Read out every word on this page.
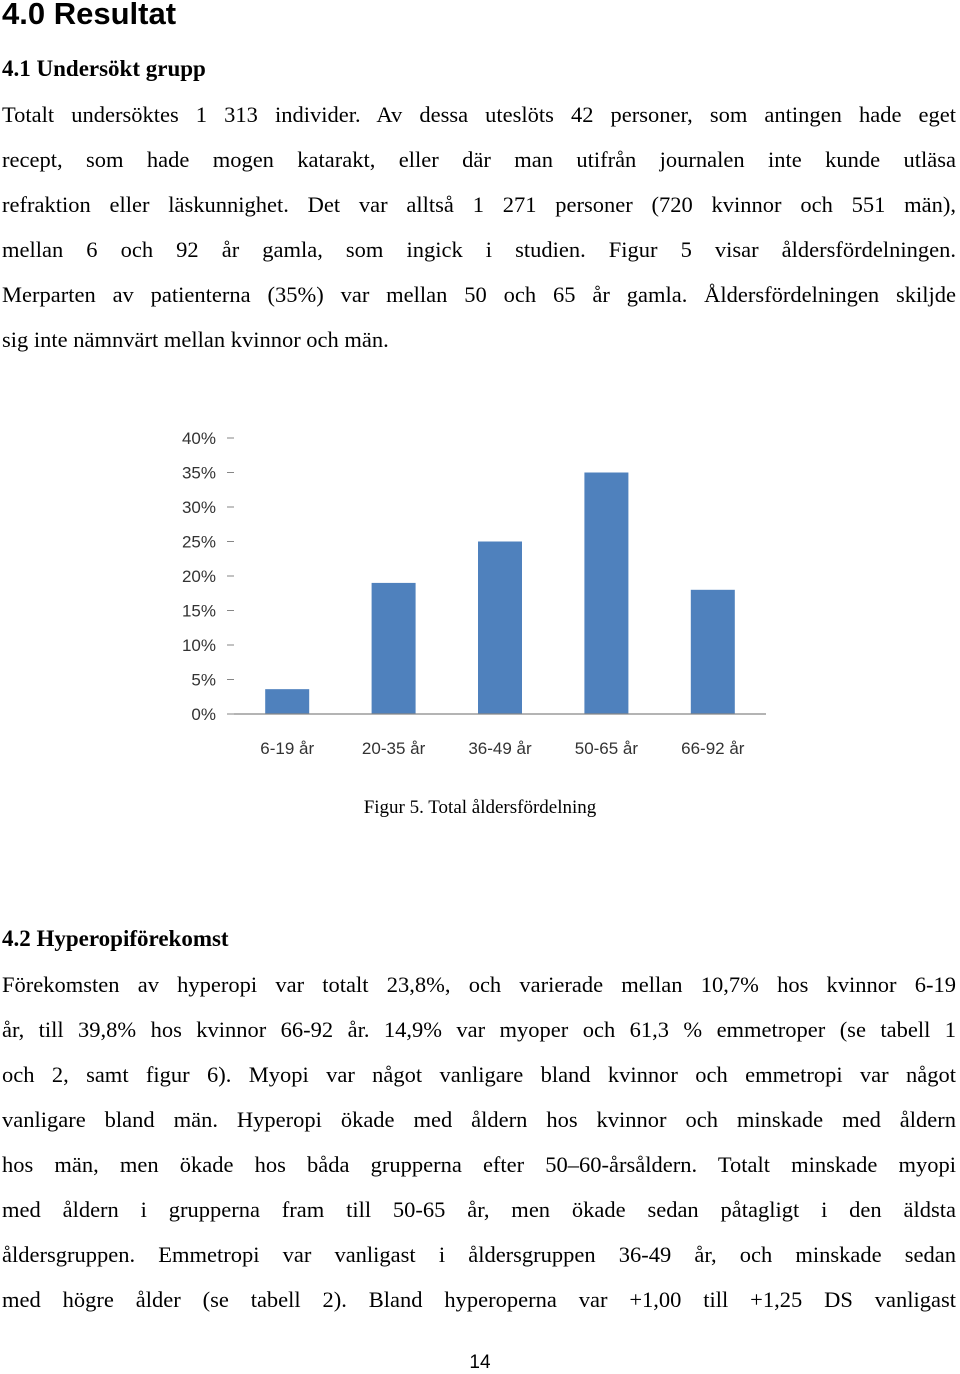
4.0 Resultat
4.1 Undersökt grupp
Totalt undersöktes 1 313 individer. Av dessa uteslöts 42 personer, som antingen hade eget
recept, som hade mogen katarakt, eller där man utifrån journalen inte kunde utläsa
refraktion eller läskunnighet. Det var alltså 1 271 personer (720 kvinnor och 551 män),
mellan 6 och 92 år gamla, som ingick i studien. Figur 5 visar åldersfördelningen.
Merparten av patienterna (35%) var mellan 50 och 65 år gamla. Åldersfördelningen skiljde
sig inte nämnvärt mellan kvinnor och män.
0%
5%
10%
15%
20%
25%
30%
35%
40%
6-19 år	20-35 år	36-49 år	50-65 år	66-92 år
Figur 5. Total åldersfördelning
4.2 Hyperopiförekomst
Förekomsten av hyperopi var totalt 23,8%, och varierade mellan 10,7% hos kvinnor 6-19
år, till 39,8% hos kvinnor 66-92 år. 14,9% var myoper och 61,3 % emmetroper (se tabell 1
och 2, samt figur 6). Myopi var något vanligare bland kvinnor och emmetropi var något
vanligare bland män. Hyperopi ökade med åldern hos kvinnor och minskade med åldern
hos män, men ökade hos båda grupperna efter 50–60-årsåldern. Totalt minskade myopi
med åldern i grupperna fram till 50-65 år, men ökade sedan påtagligt i den äldsta
åldersgruppen. Emmetropi var vanligast i åldersgruppen 36-49 år, och minskade sedan
med högre ålder (se tabell 2). Bland hyperoperna var +1,00 till +1,25 DS vanligast
14
